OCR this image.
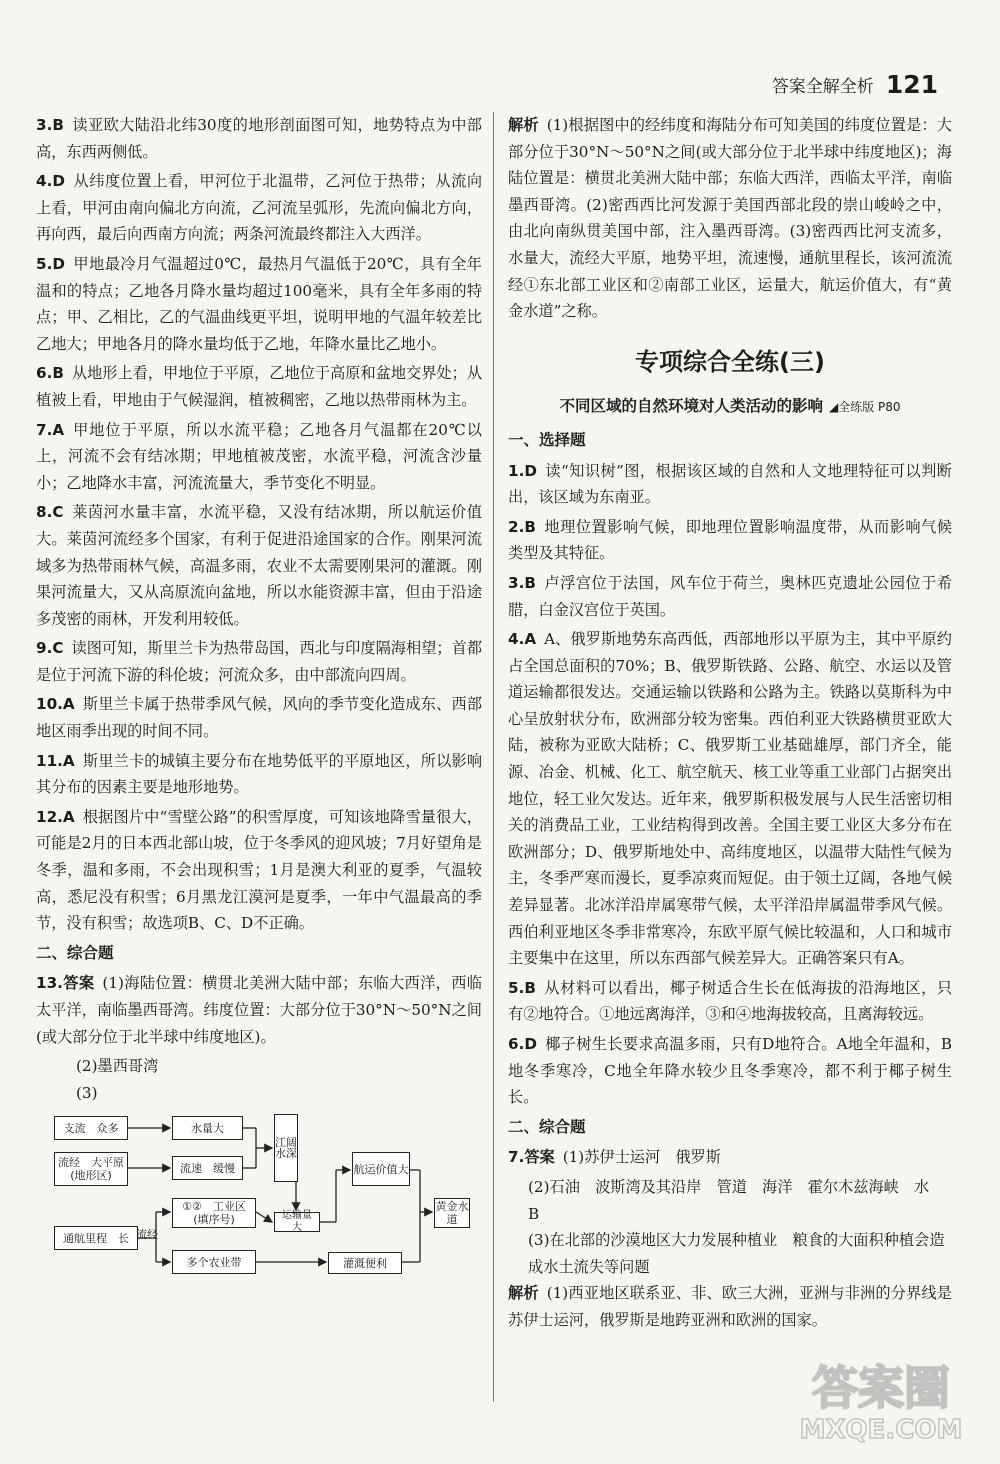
答案全解全析 121

3.B 读亚欧大陆沿北纬30度的地形剖面图可知，地势特点为中部高，东西两侧低。

4.D 从纬度位置上看，甲河位于北温带，乙河位于热带；从流向上看，甲河由南向偏北方向流，乙河流呈弧形，先流向偏北方向，再向西，最后向西南方向流；两条河流最终都注入大西洋。

5.D 甲地最冷月气温超过0℃，最热月气温低于20℃，具有全年温和的特点；乙地各月降水量均超过100毫米，具有全年多雨的特点；甲、乙相比，乙的气温曲线更平坦，说明甲地的气温年较差比乙地大；甲地各月的降水量均低于乙地，年降水量比乙地小。

6.B 从地形上看，甲地位于平原，乙地位于高原和盆地交界处；从植被上看，甲地由于气候湿润，植被稠密，乙地以热带雨林为主。

7.A 甲地位于平原，所以水流平稳；乙地各月气温都在20℃以上，河流不会有结冰期；甲地植被茂密，水流平稳，河流含沙量小；乙地降水丰富，河流流量大，季节变化不明显。

8.C 莱茵河水量丰富，水流平稳，又没有结冰期，所以航运价值大。莱茵河流经多个国家，有利于促进沿途国家的合作。刚果河流域多为热带雨林气候，高温多雨，农业不太需要刚果河的灌溉。刚果河流量大，又从高原流向盆地，所以水能资源丰富，但由于沿途多茂密的雨林，开发利用较低。

9.C 读图可知，斯里兰卡为热带岛国，西北与印度隔海相望；首都是位于河流下游的科伦坡；河流众多，由中部流向四周。

10.A 斯里兰卡属于热带季风气候，风向的季节变化造成东、西部地区雨季出现的时间不同。

11.A 斯里兰卡的城镇主要分布在地势低平的平原地区，所以影响其分布的因素主要是地形地势。

12.A 根据图片中“雪壁公路”的积雪厚度，可知该地降雪量很大，可能是2月的日本西北部山坡，位于冬季风的迎风坡；7月好望角是冬季，温和多雨，不会出现积雪；1月是澳大利亚的夏季，气温较高，悉尼没有积雪；6月黑龙江漠河是夏季，一年中气温最高的季节，没有积雪；故选项B、C、D不正确。

二、综合题

13.答案 (1)海陆位置：横贯北美洲大陆中部；东临大西洋，西临太平洋，南临墨西哥湾。纬度位置：大部分位于30°N～50°N之间(或大部分位于北半球中纬度地区)。

(2)墨西哥湾

(3)

支流　众多
流经　大平原
(地形区)
通航里程　长 流经
水量大
流速　缓慢
①②　工业区
(填序号)
多个农业带
江阔水深
运输量　大
航运价值大
灌溉便利
黄金水道

解析 (1)根据图中的经纬度和海陆分布可知美国的纬度位置是：大部分位于30°N～50°N之间(或大部分位于北半球中纬度地区)；海陆位置是：横贯北美洲大陆中部；东临大西洋，西临太平洋，南临墨西哥湾。(2)密西西比河发源于美国西部北段的崇山峻岭之中，由北向南纵贯美国中部，注入墨西哥湾。(3)密西西比河支流多，水量大，流经大平原，地势平坦，流速慢，通航里程长，该河流流经①东北部工业区和②南部工业区，运量大，航运价值大，有“黄金水道”之称。

专项综合全练(三)
不同区域的自然环境对人类活动的影响 ◢全练版 P80
一、选择题

1.D 读“知识树”图，根据该区域的自然和人文地理特征可以判断出，该区域为东南亚。

2.B 地理位置影响气候，即地理位置影响温度带，从而影响气候类型及其特征。

3.B 卢浮宫位于法国，风车位于荷兰，奥林匹克遗址公园位于希腊，白金汉宫位于英国。

4.A A、俄罗斯地势东高西低，西部地形以平原为主，其中平原约占全国总面积的70%；B、俄罗斯铁路、公路、航空、水运以及管道运输都很发达。交通运输以铁路和公路为主。铁路以莫斯科为中心呈放射状分布，欧洲部分较为密集。西伯利亚大铁路横贯亚欧大陆，被称为亚欧大陆桥；C、俄罗斯工业基础雄厚，部门齐全，能源、冶金、机械、化工、航空航天、核工业等重工业部门占据突出地位，轻工业欠发达。近年来，俄罗斯积极发展与人民生活密切相关的消费品工业，工业结构得到改善。全国主要工业区大多分布在欧洲部分；D、俄罗斯地处中、高纬度地区，以温带大陆性气候为主，冬季严寒而漫长，夏季凉爽而短促。由于领土辽阔，各地气候差异显著。北冰洋沿岸属寒带气候，太平洋沿岸属温带季风气候。西伯利亚地区冬季非常寒冷，东欧平原气候比较温和，人口和城市主要集中在这里，所以东西部气候差异大。正确答案只有A。

5.B 从材料可以看出，椰子树适合生长在低海拔的沿海地区，只有②地符合。①地远离海洋，③和④地海拔较高，且离海较远。

6.D 椰子树生长要求高温多雨，只有D地符合。A地全年温和，B地冬季寒冷，C地全年降水较少且冬季寒冷，都不利于椰子树生长。

二、综合题

7.答案 (1)苏伊士运河　俄罗斯

(2)石油　波斯湾及其沿岸　管道　海洋　霍尔木兹海峡　水　B

(3)在北部的沙漠地区大力发展种植业　粮食的大面积种植会造成水土流失等问题

解析 (1)西亚地区联系亚、非、欧三大洲，亚洲与非洲的分界线是苏伊士运河，俄罗斯是地跨亚洲和欧洲的国家。

答案圈
MXQE.COM
